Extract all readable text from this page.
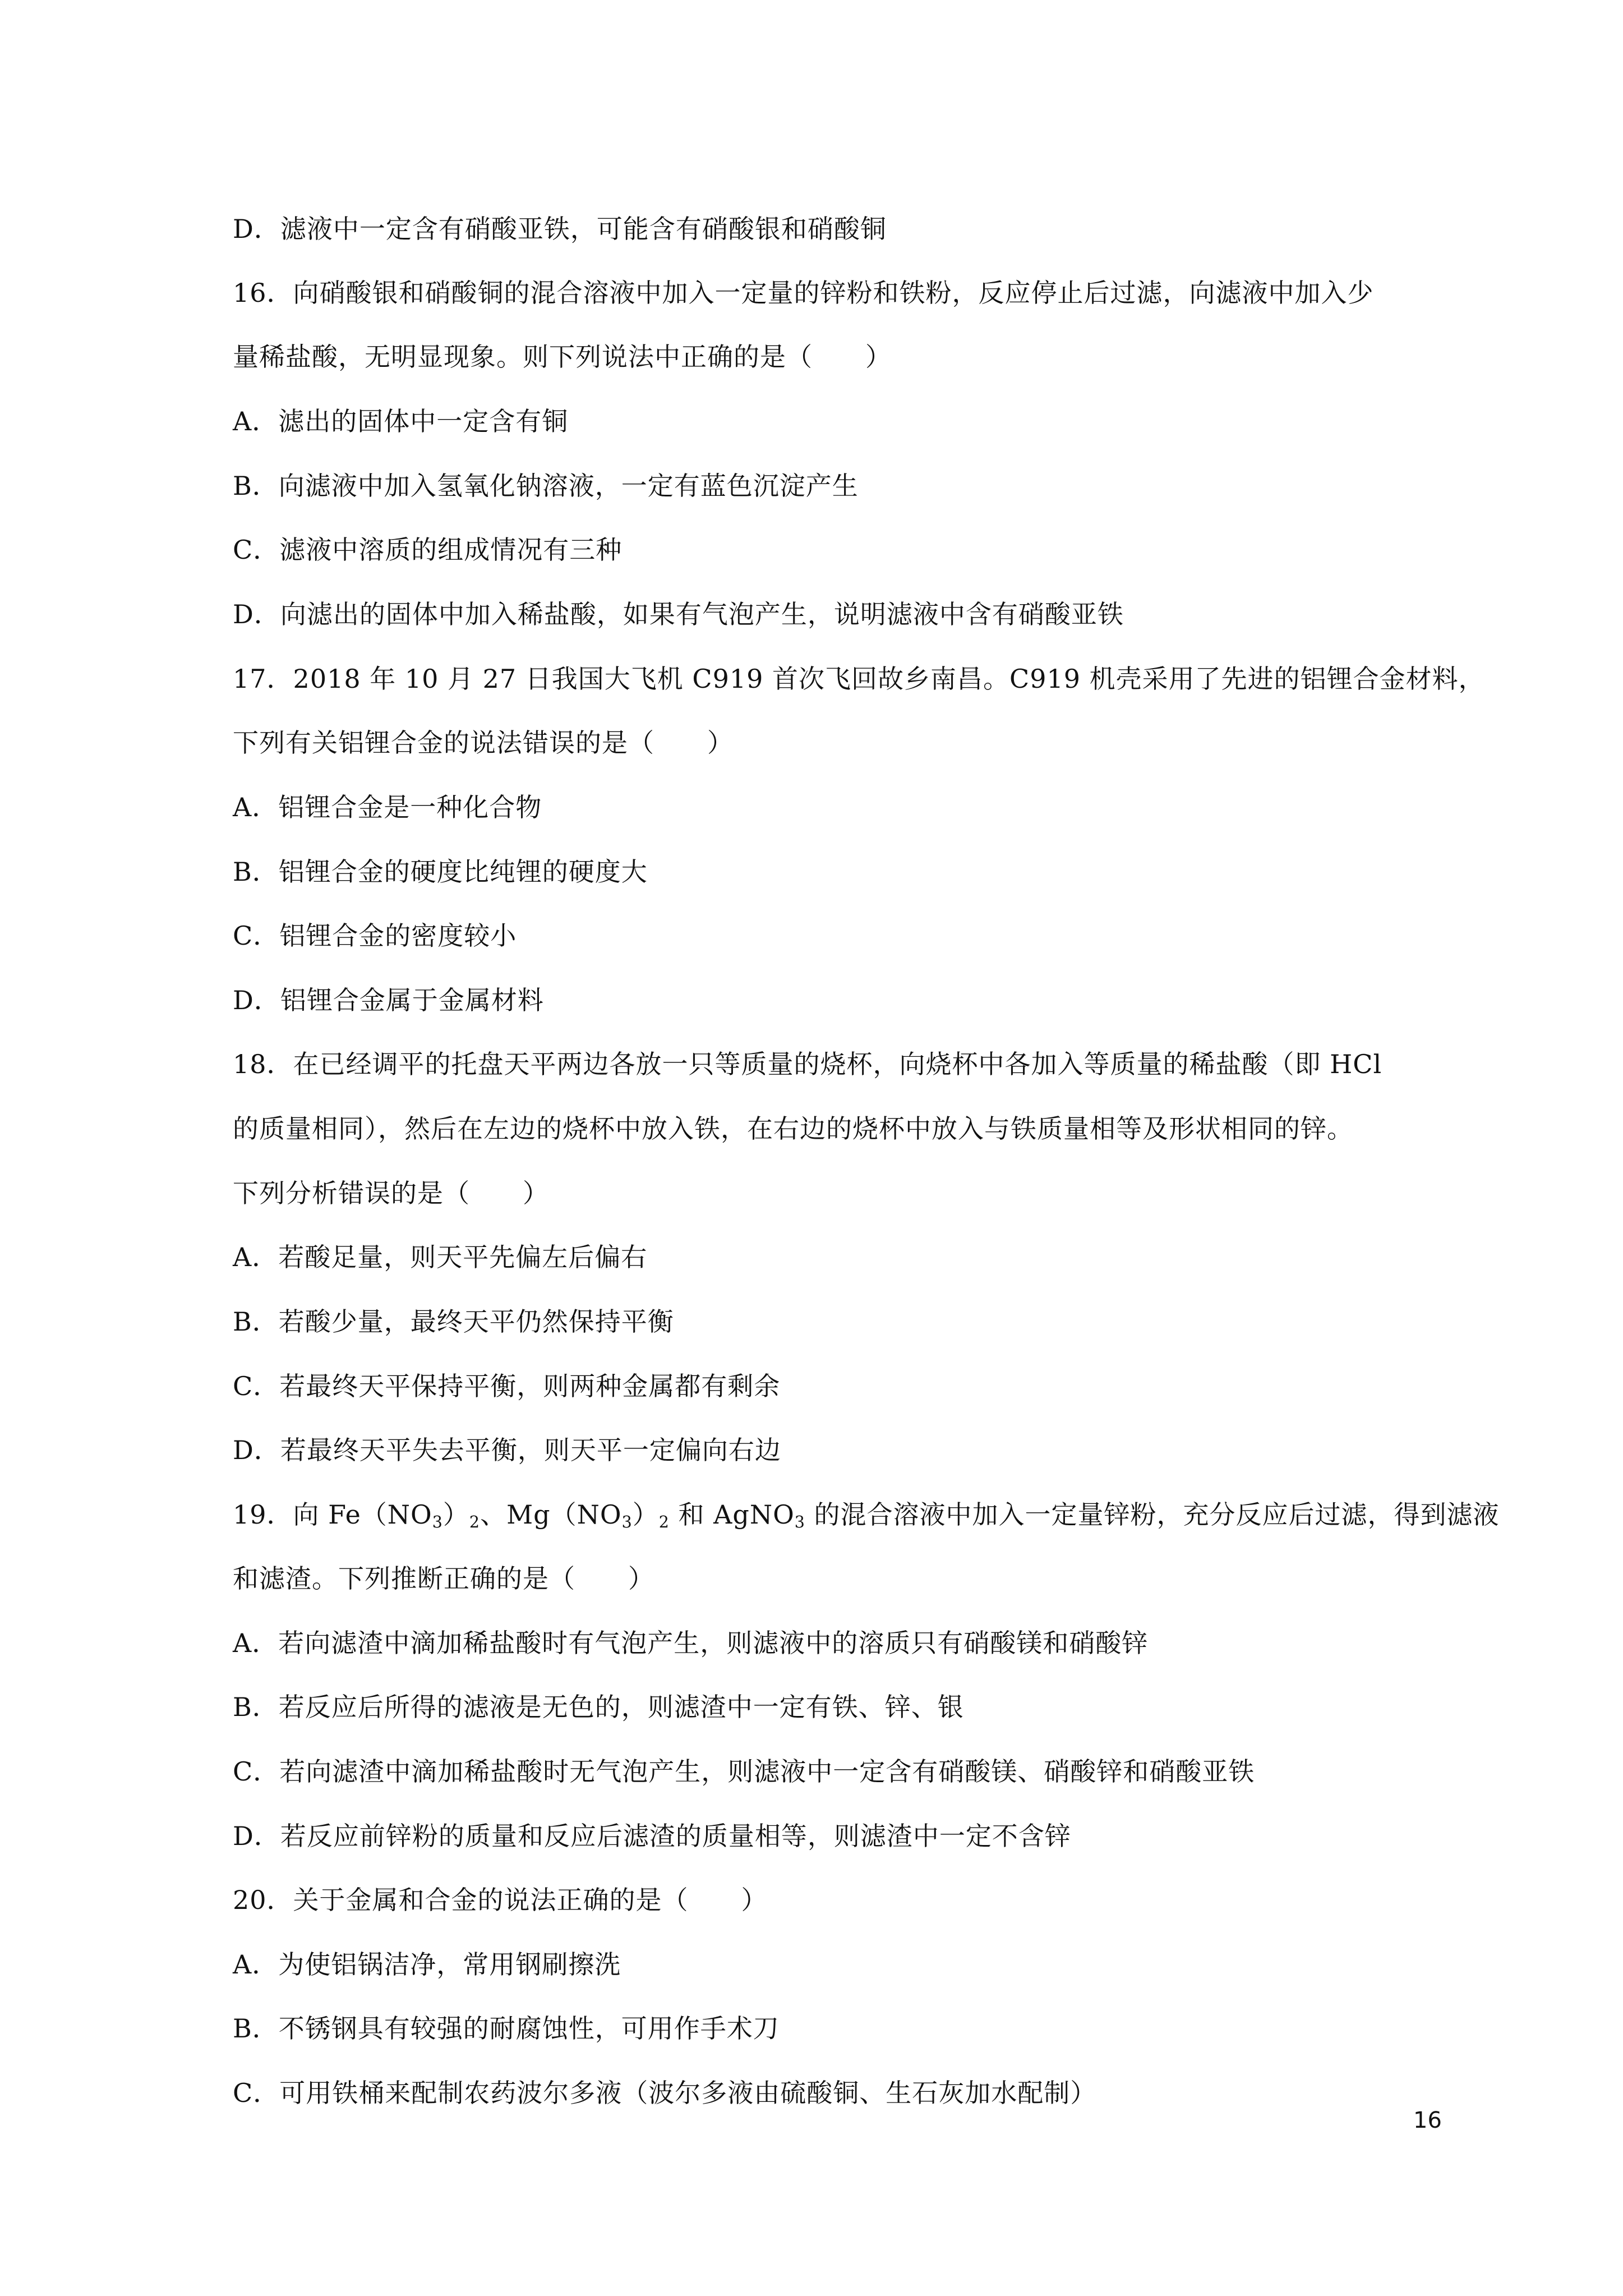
D．滤液中一定含有硝酸亚铁，可能含有硝酸银和硝酸铜
16．向硝酸银和硝酸铜的混合溶液中加入一定量的锌粉和铁粉，反应停止后过滤，向滤液中加入少
量稀盐酸，无明显现象。则下列说法中正确的是（　　）
A．滤出的固体中一定含有铜
B．向滤液中加入氢氧化钠溶液，一定有蓝色沉淀产生
C．滤液中溶质的组成情况有三种
D．向滤出的固体中加入稀盐酸，如果有气泡产生，说明滤液中含有硝酸亚铁
17．2018 年 10 月 27 日我国大飞机 C919 首次飞回故乡南昌。C919 机壳采用了先进的铝锂合金材料，
下列有关铝锂合金的说法错误的是（　　）
A．铝锂合金是一种化合物
B．铝锂合金的硬度比纯锂的硬度大
C．铝锂合金的密度较小
D．铝锂合金属于金属材料
18．在已经调平的托盘天平两边各放一只等质量的烧杯，向烧杯中各加入等质量的稀盐酸（即 HCl
的质量相同），然后在左边的烧杯中放入铁，在右边的烧杯中放入与铁质量相等及形状相同的锌。
下列分析错误的是（　　）
A．若酸足量，则天平先偏左后偏右
B．若酸少量，最终天平仍然保持平衡
C．若最终天平保持平衡，则两种金属都有剩余
D．若最终天平失去平衡，则天平一定偏向右边
19．向 $Fe(NO_3)_2$、$Mg(NO_3)_2$ 和 AgNO$_3$ 的混合溶液中加入一定量锌粉，充分反应后过滤，得到滤液
和滤渣。下列推断正确的是（　　）
A．若向滤渣中滴加稀盐酸时有气泡产生，则滤液中的溶质只有硝酸镁和硝酸锌
B．若反应后所得的滤液是无色的，则滤渣中一定有铁、锌、银
C．若向滤渣中滴加稀盐酸时无气泡产生，则滤液中一定含有硝酸镁、硝酸锌和硝酸亚铁
D．若反应前锌粉的质量和反应后滤渣的质量相等，则滤渣中一定不含锌
20．关于金属和合金的说法正确的是（　　）
A．为使铝锅洁净，常用钢刷擦洗
B．不锈钢具有较强的耐腐蚀性，可用作手术刀
C．可用铁桶来配制农药波尔多液（波尔多液由硫酸铜、生石灰加水配制）
16
